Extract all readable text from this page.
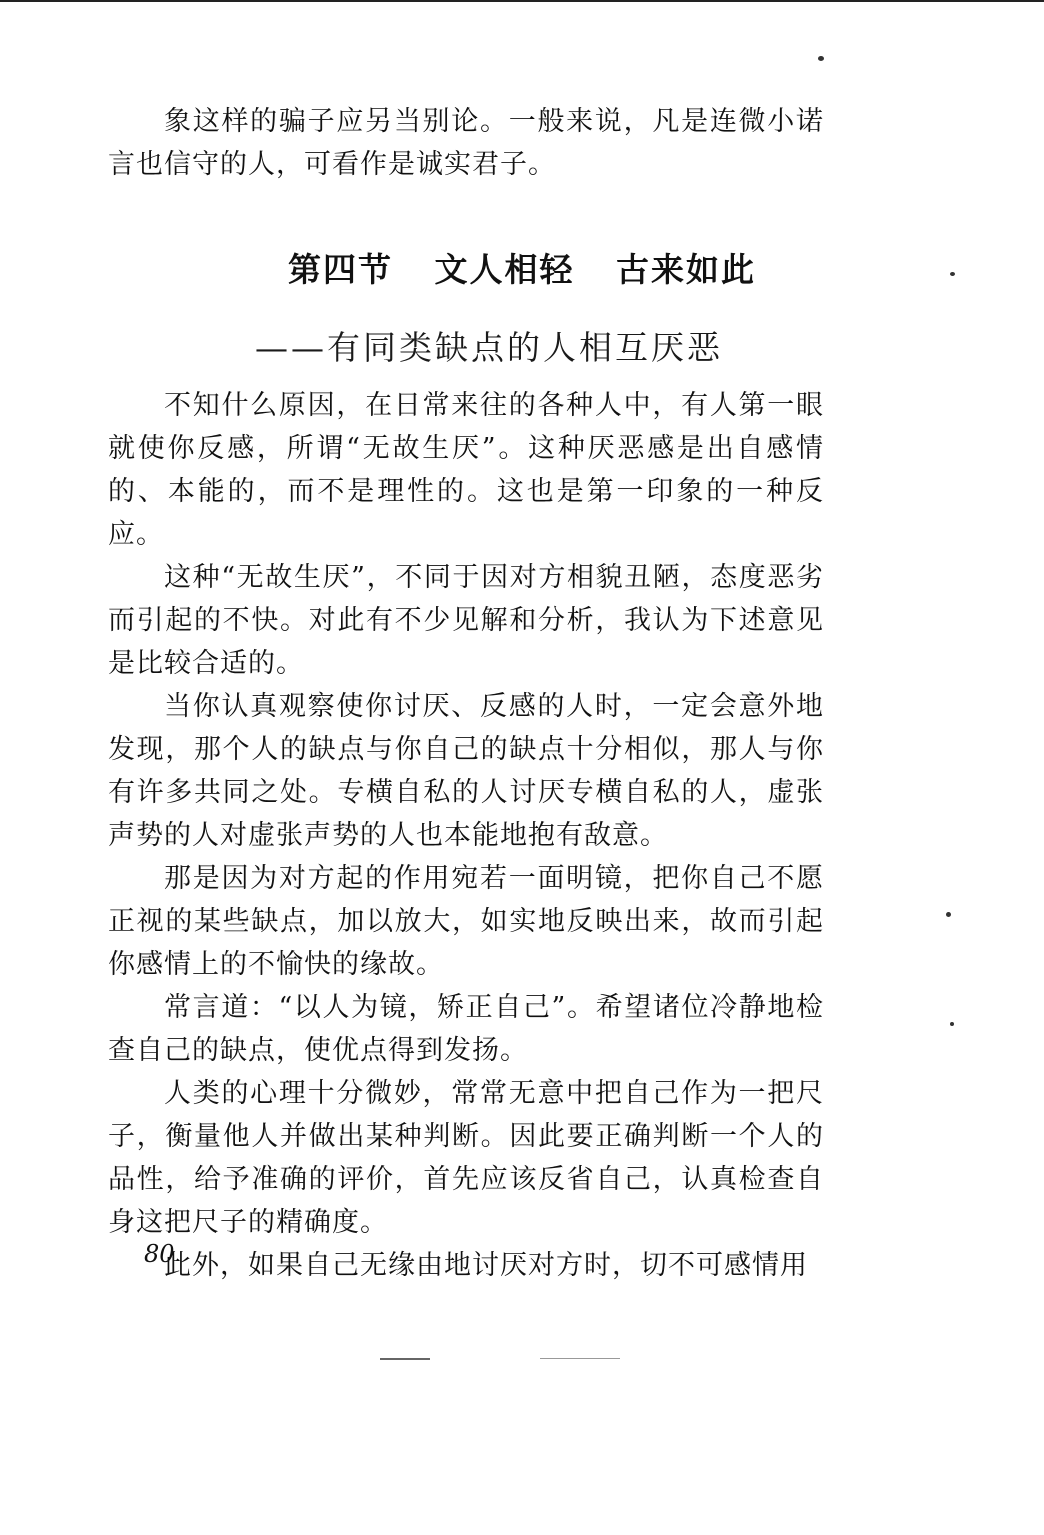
象这样的骗子应另当别论。一般来说，凡是连微小诺言也信守的人，可看作是诚实君子。

第四节 文人相轻 古来如此
——有同类缺点的人相互厌恶

不知什么原因，在日常来往的各种人中，有人第一眼就使你反感，所谓“无故生厌”。这种厌恶感是出自感情的、本能的，而不是理性的。这也是第一印象的一种反应。

这种“无故生厌”，不同于因对方相貌丑陋，态度恶劣而引起的不快。对此有不少见解和分析，我认为下述意见是比较合适的。

当你认真观察使你讨厌、反感的人时，一定会意外地发现，那个人的缺点与你自己的缺点十分相似，那人与你有许多共同之处。专横自私的人讨厌专横自私的人，虚张声势的人对虚张声势的人也本能地抱有敌意。

那是因为对方起的作用宛若一面明镜，把你自己不愿正视的某些缺点，加以放大，如实地反映出来，故而引起你感情上的不愉快的缘故。

常言道：“以人为镜，矫正自己”。希望诸位冷静地检查自己的缺点，使优点得到发扬。

人类的心理十分微妙，常常无意中把自己作为一把尺子，衡量他人并做出某种判断。因此要正确判断一个人的品性，给予准确的评价，首先应该反省自己，认真检查自身这把尺子的精确度。

此外，如果自己无缘由地讨厌对方时，切不可感情用

80
